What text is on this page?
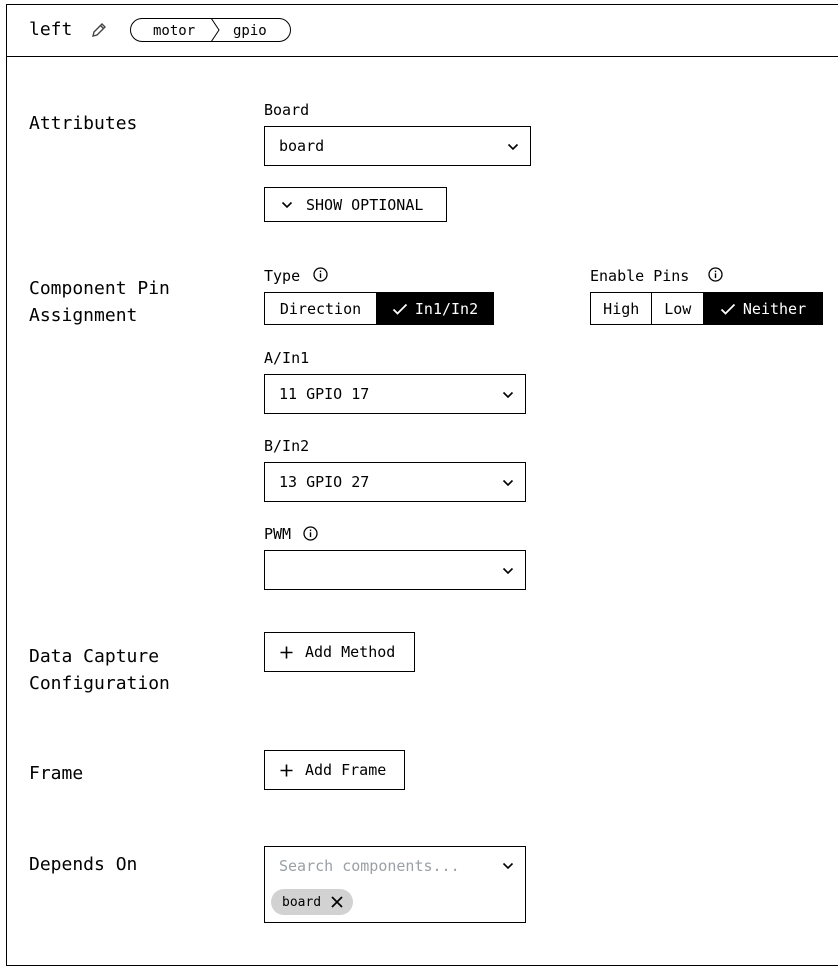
left	motor	gpio
Attributes
Board
board
SHOW OPTIONAL
Component Pin
Assignment
Type
Direction	In1/In2
Enable Pins
High Low	Neither
A/In1
11 GPIO 17
B/In2
13 GPIO 27
PWM
Data Capture
Configuration
Add Method
Frame	Add Frame
Depends On	Search components...
board
